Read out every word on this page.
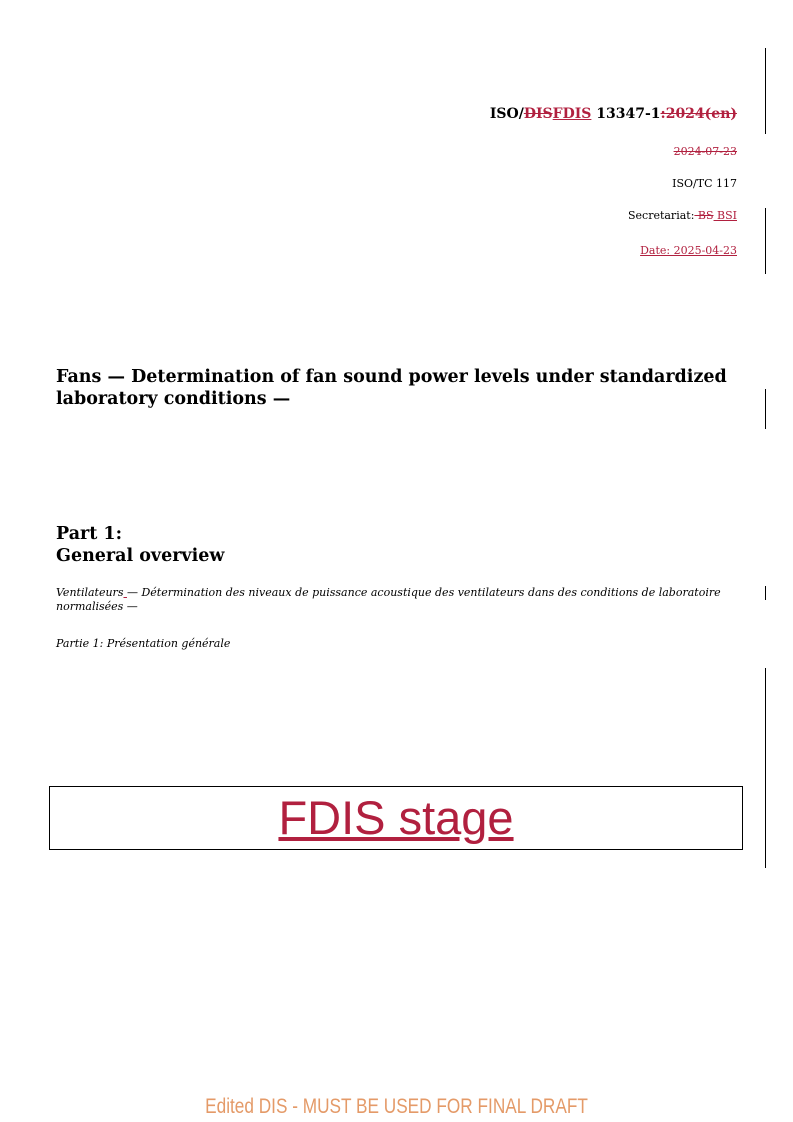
ISO/DISFDIS 13347-1:2024(en)
2024-07-23
ISO/TC 117
Secretariat: BS BSI
Date: 2025-04-23
Fans — Determination of fan sound power levels under standardized laboratory conditions —
Part 1:
General overview
Ventilateurs — Détermination des niveaux de puissance acoustique des ventilateurs dans des conditions de laboratoire normalisées —
Partie 1: Présentation générale
FDIS stage
Edited DIS - MUST BE USED FOR FINAL DRAFT
